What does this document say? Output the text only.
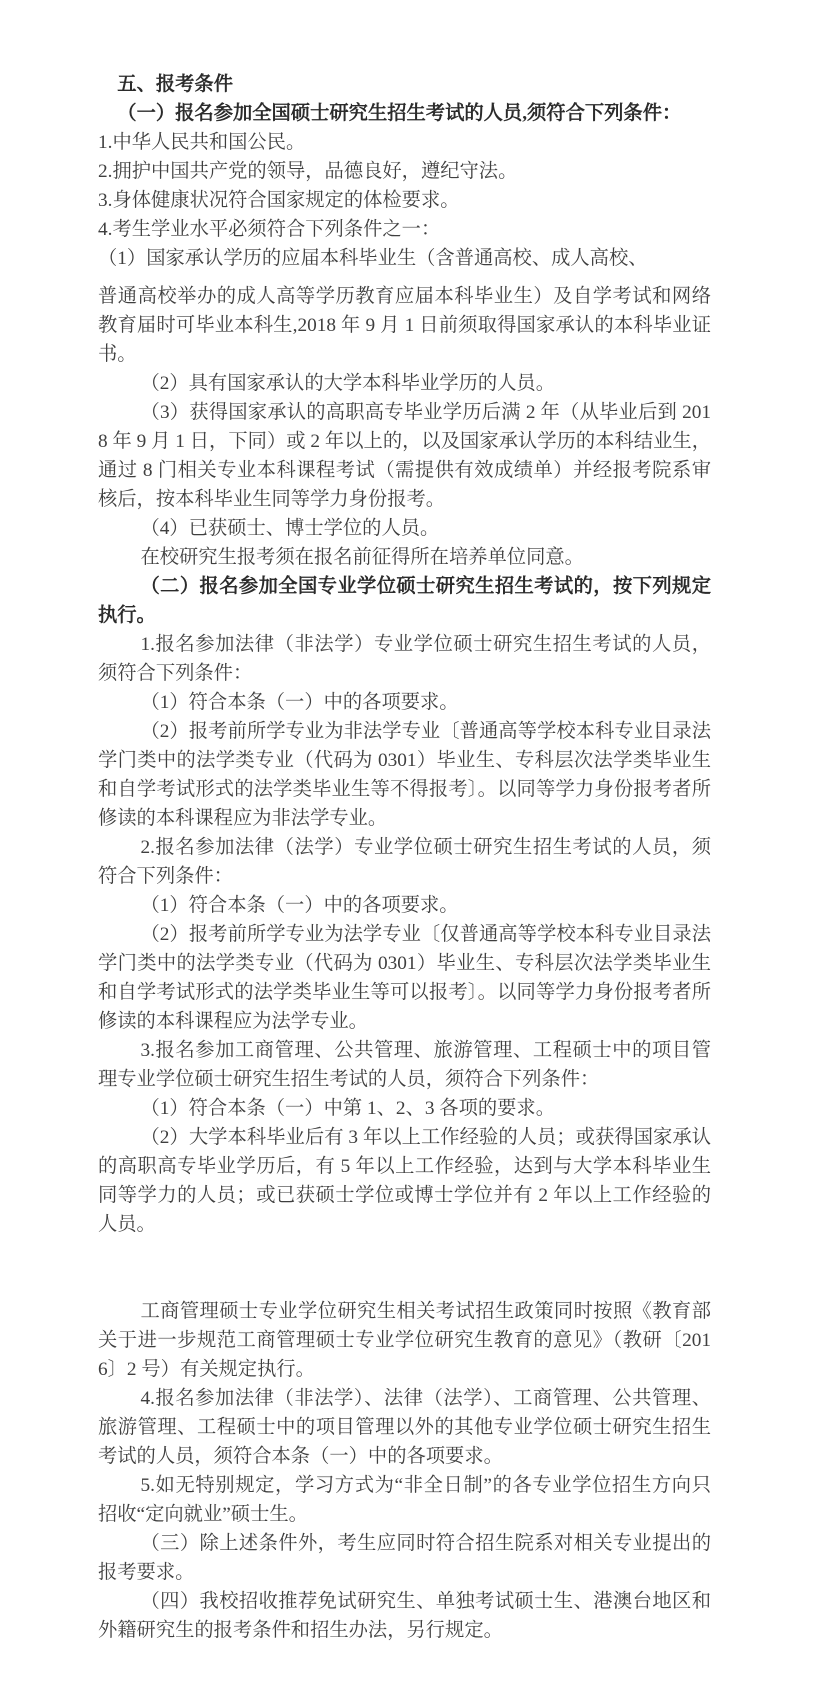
五、报考条件

（一）报名参加全国硕士研究生招生考试的人员,须符合下列条件：

1.中华人民共和国公民。

2.拥护中国共产党的领导，品德良好，遵纪守法。

3.身体健康状况符合国家规定的体检要求。

4.考生学业水平必须符合下列条件之一：

（1）国家承认学历的应届本科毕业生（含普通高校、成人高校、

普通高校举办的成人高等学历教育应届本科毕业生）及自学考试和网络教育届时可毕业本科生,2018 年 9 月 1 日前须取得国家承认的本科毕业证书。

（2）具有国家承认的大学本科毕业学历的人员。

（3）获得国家承认的高职高专毕业学历后满 2 年（从毕业后到 2018 年 9 月 1 日，下同）或 2 年以上的，以及国家承认学历的本科结业生，通过 8 门相关专业本科课程考试（需提供有效成绩单）并经报考院系审核后，按本科毕业生同等学力身份报考。

（4）已获硕士、博士学位的人员。

在校研究生报考须在报名前征得所在培养单位同意。

（二）报名参加全国专业学位硕士研究生招生考试的，按下列规定执行。

1.报名参加法律（非法学）专业学位硕士研究生招生考试的人员，须符合下列条件：

（1）符合本条（一）中的各项要求。

（2）报考前所学专业为非法学专业〔普通高等学校本科专业目录法学门类中的法学类专业（代码为 0301）毕业生、专科层次法学类毕业生和自学考试形式的法学类毕业生等不得报考〕。以同等学力身份报考者所修读的本科课程应为非法学专业。

2.报名参加法律（法学）专业学位硕士研究生招生考试的人员，须符合下列条件：

（1）符合本条（一）中的各项要求。

（2）报考前所学专业为法学专业〔仅普通高等学校本科专业目录法学门类中的法学类专业（代码为 0301）毕业生、专科层次法学类毕业生和自学考试形式的法学类毕业生等可以报考〕。以同等学力身份报考者所修读的本科课程应为法学专业。

3.报名参加工商管理、公共管理、旅游管理、工程硕士中的项目管理专业学位硕士研究生招生考试的人员，须符合下列条件：

（1）符合本条（一）中第 1、2、3 各项的要求。

（2）大学本科毕业后有 3 年以上工作经验的人员；或获得国家承认的高职高专毕业学历后，有 5 年以上工作经验，达到与大学本科毕业生同等学力的人员；或已获硕士学位或博士学位并有 2 年以上工作经验的人员。

工商管理硕士专业学位研究生相关考试招生政策同时按照《教育部关于进一步规范工商管理硕士专业学位研究生教育的意见》（教研〔2016〕2 号）有关规定执行。

4.报名参加法律（非法学）、法律（法学）、工商管理、公共管理、旅游管理、工程硕士中的项目管理以外的其他专业学位硕士研究生招生考试的人员，须符合本条（一）中的各项要求。

5.如无特别规定，学习方式为“非全日制”的各专业学位招生方向只招收“定向就业”硕士生。

（三）除上述条件外，考生应同时符合招生院系对相关专业提出的报考要求。

（四）我校招收推荐免试研究生、单独考试硕士生、港澳台地区和外籍研究生的报考条件和招生办法，另行规定。
